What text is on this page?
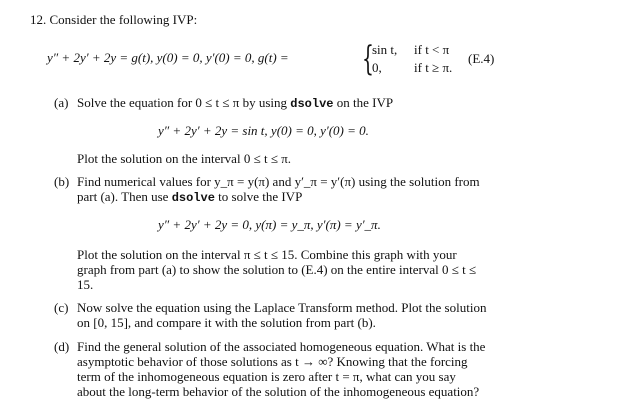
12. Consider the following IVP:
y″ + 2y′ + 2y = g(t), y(0) = 0, y′(0) = 0, g(t) = {
sin t, if t < π
0, if t ≥ π.
(E.4)
(a) Solve the equation for 0 ≤ t ≤ π by using dsolve on the IVP
y″ + 2y′ + 2y = sin t, y(0) = 0, y′(0) = 0.
Plot the solution on the interval 0 ≤ t ≤ π.
(b) Find numerical values for y_π = y(π) and y′_π = y′(π) using the solution from
part (a). Then use dsolve to solve the IVP
y″ + 2y′ + 2y = 0, y(π) = y_π, y′(π) = y′_π.
Plot the solution on the interval π ≤ t ≤ 15. Combine this graph with your
graph from part (a) to show the solution to (E.4) on the entire interval 0 ≤ t ≤
15.
(c) Now solve the equation using the Laplace Transform method. Plot the solution
on [0, 15], and compare it with the solution from part (b).
(d) Find the general solution of the associated homogeneous equation. What is the
asymptotic behavior of those solutions as t → ∞? Knowing that the forcing
term of the inhomogeneous equation is zero after t = π, what can you say
about the long-term behavior of the solution of the inhomogeneous equation?
